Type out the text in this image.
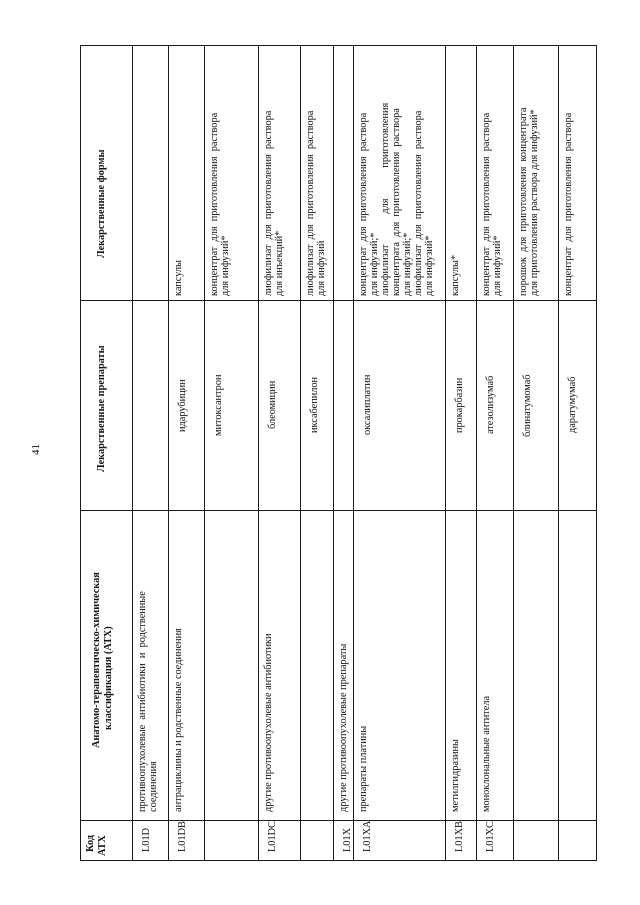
41
Код АТХ
Анатомо-терапевтическо-химическая классификация (АТХ)
Лекарственные препараты
Лекарственные формы
L01D
противоопухолевые  антибиотики  и  родственные соединения
L01DB
антрациклины и родственные соединения
идарубицин
капсулы
митоксантрон
концентрат  для  приготовления  раствора для инфузий*
L01DC
другие противоопухолевые антибиотики
блеомицин
лиофилизат  для  приготовления  раствора для инъекций*
иксабепилон
лиофилизат  для  приготовления  раствора для инфузий
L01X
другие противоопухолевые препараты
L01XA
препараты платины
оксалиплатин
концентрат  для  приготовления  раствора для инфузий;* лиофилизат            для            приготовления концентрата  для  приготовления  раствора для инфузий;* лиофилизат  для  приготовления  раствора для инфузий*
L01XB
метилгидразины
прокарбазин
капсулы*
L01XC
моноклональные антитела
атезолизумаб
концентрат  для  приготовления  раствора для инфузий*
блинатумомаб
порошок  для  приготовления  концентрата для приготовления раствора для инфузий*
даратумумаб
концентрат  для  приготовления  раствора
